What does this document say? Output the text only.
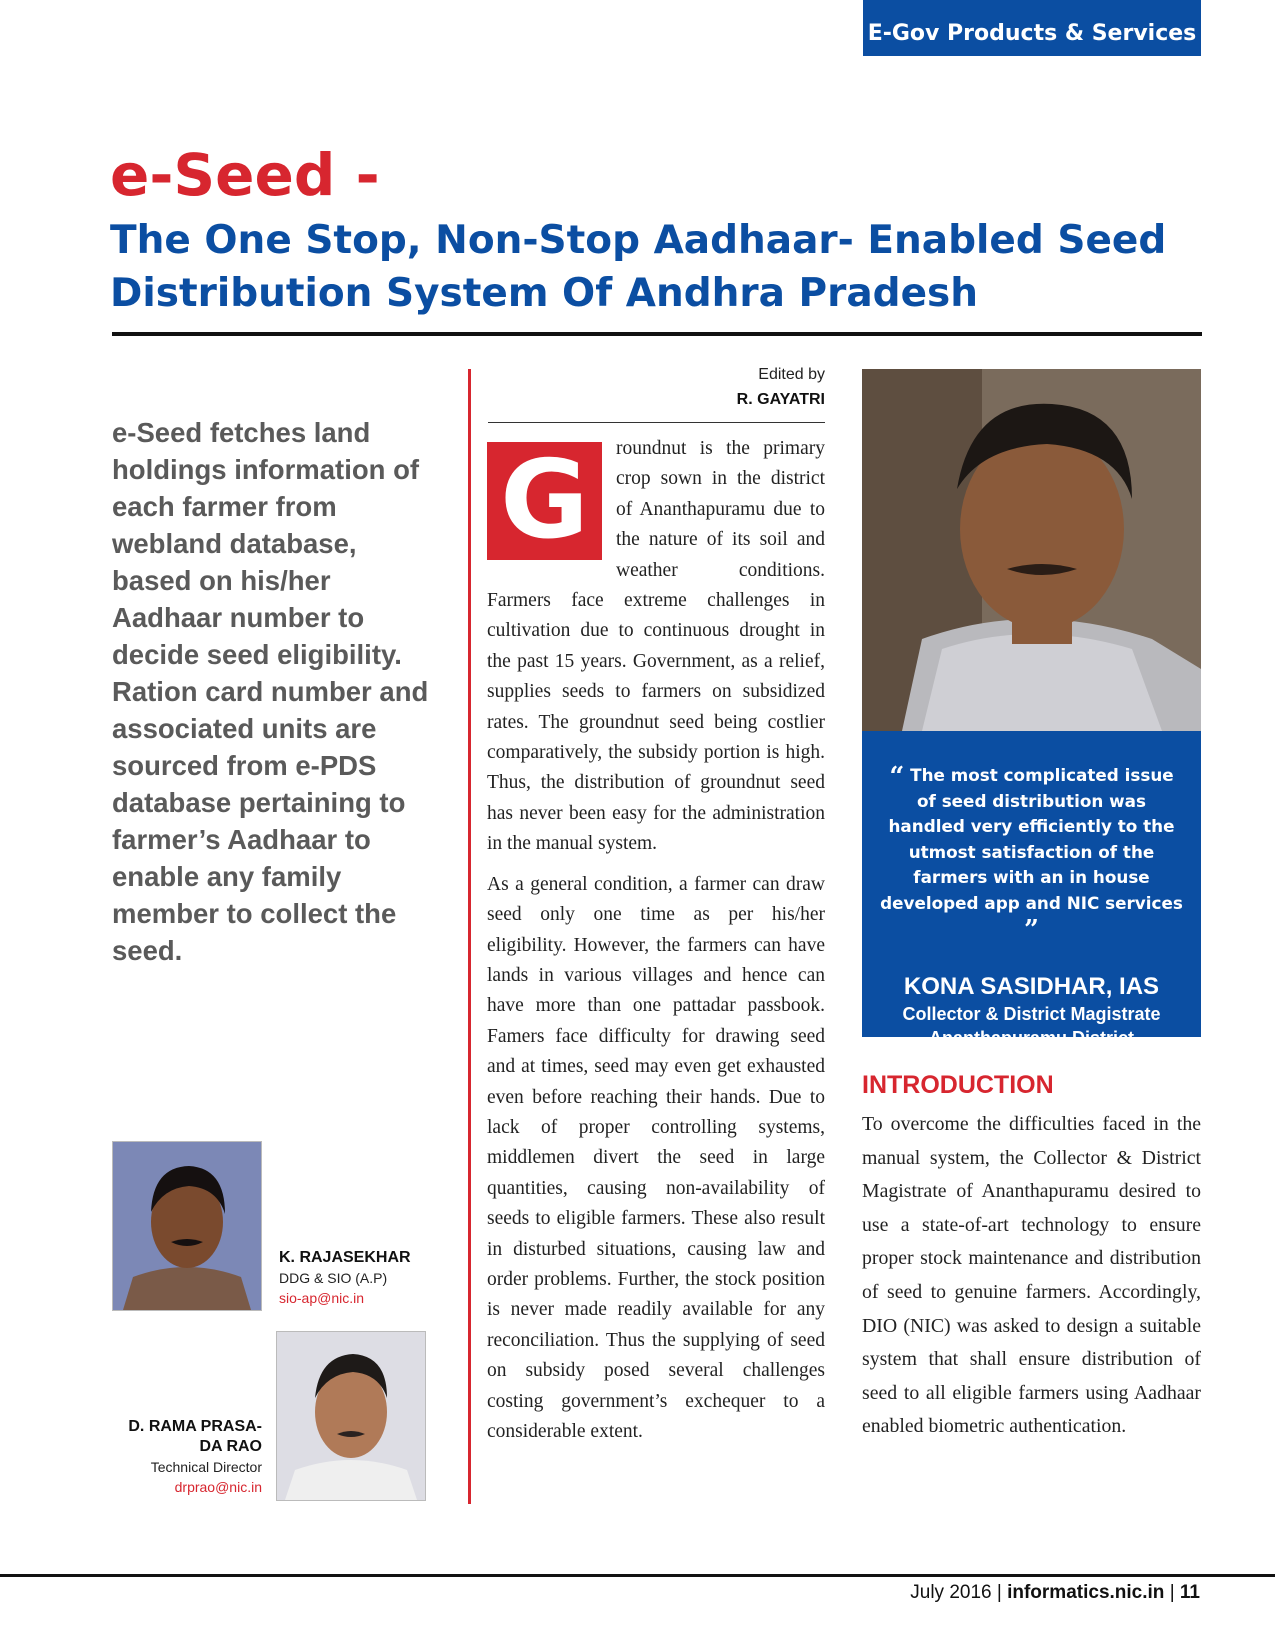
E-Gov Products & Services
e-Seed -
The One Stop, Non-Stop Aadhaar- Enabled Seed Distribution System Of Andhra Pradesh

e-Seed fetches land holdings information of each farmer from webland database, based on his/her Aadhaar number to decide seed eligibility. Ration card number and associated units are sourced from e-PDS database pertaining to farmer’s Aadhaar to enable any family member to collect the seed.

Edited by
R. GAYATRI

G	roundnut is the primary crop sown in the district of Ananthapuramu due to the nature of its soil and weather conditions. Farmers face extreme challenges in cultivation due to continuous drought in the past 15 years. Government, as a relief, supplies seeds to farmers on subsidized rates. The groundnut seed being costlier comparatively, the subsidy portion is high. Thus, the distribution of groundnut seed has never been easy for the administration in the manual system.

As a general condition, a farmer can draw seed only one time as per his/her eligibility. However, the farmers can have lands in various villages and hence can have more than one pattadar passbook. Famers face difficulty for drawing seed and at times, seed may even get exhausted even before reaching their hands. Due to lack of proper controlling systems, middlemen divert the seed in large quantities, causing non-availability of seeds to eligible farmers. These also result in disturbed situations, causing law and order problems. Further, the stock position is never made readily available for any reconciliation. Thus the supplying of seed on subsidy posed several challenges costing government’s exchequer to a considerable extent.

“ The most complicated issue of seed distribution was handled very efficiently to the utmost satisfaction of the farmers with an in house developed app and NIC services ”

KONA SASIDHAR, IAS
Collector & District Magistrate
Ananthapuramu District
INTRODUCTION

To overcome the difficulties faced in the manual system, the Collector & District Magistrate of Ananthapuramu desired to use a state-of-art technology to ensure proper stock maintenance and distribution of seed to genuine farmers. Accordingly, DIO (NIC) was asked to design a suitable system that shall ensure distribution of seed to all eligible farmers using Aadhaar enabled biometric authentication.

K. RAJASEKHAR
DDG & SIO (A.P)
sio-ap@nic.in
D. RAMA PRASA-DA RAO
Technical Director
drprao@nic.in
July 2016 | informatics.nic.in | 11
